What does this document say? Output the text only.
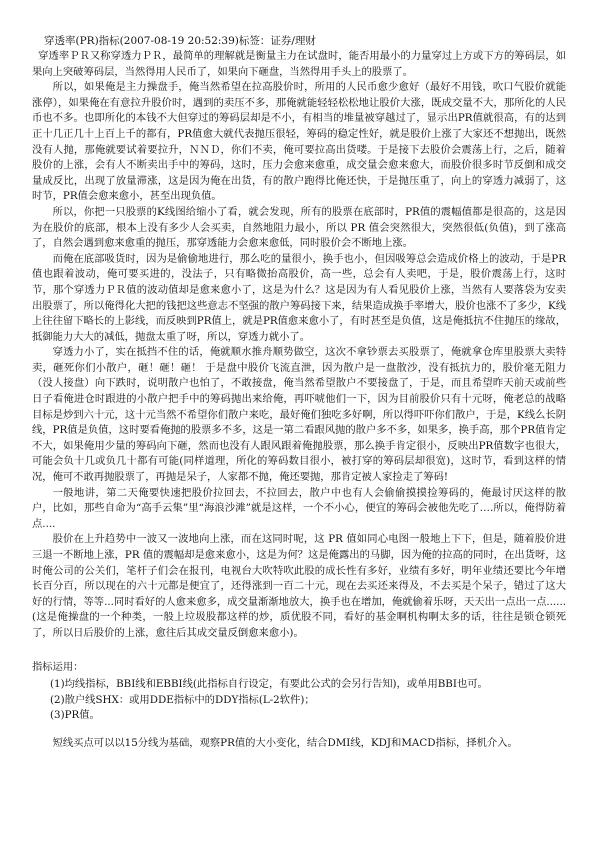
穿透率(PR)指标(2007-08-19 20:52:39)标签：证券/理财

穿透率ＰＲ又称穿透力ＰＲ，最简单的理解就是衡量主力在试盘时，能否用最小的力量穿过上方或下方的筹码层，如果向上突破筹码层，当然得用人民币了，如果向下砸盘，当然得用手头上的股票了。

所以，如果俺是主力操盘手，俺当然希望在拉高股价时，所用的人民币愈少愈好（最好不用钱，吹口气股价就能涨停），如果俺在有意拉升股价时，遇到的卖压不多，那俺就能轻轻松松地让股价大涨，既成交量不大，那所化的人民币也不多。也即所化的本钱不大但穿过的筹码层却是不小，有相当的堆量被穿越过了，显示出PR值就很高，有的达到正十几正几十上百上千的都有，PR值愈大就代表抛压很轻，筹码的稳定性好，就是股价上涨了大家还不想抛出，既然没有人抛，那俺就要试着要拉升，ＮＮＤ，你们不卖，俺可要拉高出货喽。于是接下去股价会震荡上行，之后，随着股价的上涨，会有人不断卖出手中的筹码，这时，压力会愈来愈重，成交量会愈来愈大，而股价很多时节反倒和成交量成反比，出现了放量滞涨，这是因为俺在出货，有的散户跑得比俺还快，于是抛压重了，向上的穿透力减弱了，这时节，PR值会愈来愈小，甚至出现负值。

所以，你把一只股票的K线图给缩小了看，就会发现，所有的股票在底部时，PR值的震幅值都是很高的，这是因为在股价的底部，根本上没有多少人会买卖，自然地阻力最小，所以 PR 值会突然很大，突然很低(负值)，到了涨高了，自然会遇到愈来愈重的抛压，那穿透能力会愈来愈低，同时股价会不断地上涨。

而俺在底部吸货时，因为是偷偷地进行，那么吃的量很小，换手也小，但因吸筹总会造成价格上的波动，于是PR值也跟着波动，俺可要买进的，没法子，只有略微抬高股价，高一些，总会有人卖吧，于是，股价震荡上行，这时节，那个穿透力ＰＲ值的波动值却是愈来愈小了，这是为什么？这是因为有人看见股价上涨，当然有人要落袋为安卖出股票了，所以俺得化大把的钱把这些意志不坚强的散户筹码接下来，结果造成换手率增大，股价也涨不了多少，K线上往往留下略长的上影线，而反映到PR值上，就是PR值愈来愈小了，有时甚至是负值，这是俺抵抗不住抛压的缘故，抵御能力大大的减低，抛盘太重了呀，所以，穿透力就小了。

穿透力小了，实在抵挡不住的话，俺就顺水推舟顺势做空，这次不拿钞票去买股票了，俺就拿仓库里股票大卖特卖，砸死你们小散户，砸！砸！砸！ 于是盘中股价飞流直泄，因为散户是一盘散沙，没有抵抗力的，股价毫无阻力（没人接盘）向下跌时，说明散户也怕了，不敢接盘，俺当然希望散户不要接盘了，于是，而且希望昨天前天或前些日子看俺进仓时跟进的小散户把手中的筹码抛出来给俺，再吓唬他们一下，因为目前股价只有十元呀，俺老总的战略目标是炒到六十元，这十元当然不希望你们散户来吃，最好俺们独吃多好啊，所以得吓吓你们散户，于是，K线么长阴线，PR值是负值，这时要看俺抛的股票多不多，这是一第二看跟风抛的散户多不多，如果多，换手高，那个PR值肯定不大，如果俺用少量的筹码向下砸，然而也没有人跟风跟着俺抛股票，那么换手肯定很小，反映出PR值数字也很大，可能会负十几或负几十都有可能(同样道理，所化的筹码数目很小，被打穿的筹码层却很宽)，这时节，看到这样的情况，俺可不敢再抛股票了，再抛是呆子，人家都不抛，俺还要抛，那肯定被人家捡走了筹码!

一般地讲，第二天俺要快速把股价拉回去，不拉回去，散户中也有人会偷偷摸摸捡筹码的，俺最讨厌这样的散户，比如，那些自命为“高手云集”里“海浪沙滩”就是这样，一个不小心，便宜的筹码会被他先吃了….所以，俺得防着点....

股价在上升趋势中一波又一波地向上涨，而在这同时呢，这 PR 值如同心电图一般地上下下，但是，随着股价进三退一不断地上涨，PR 值的震幅却是愈来愈小，这是为何？这是俺露出的马脚，因为俺的拉高的同时，在出货呀，这时俺公司的公关们，笔杆子们会在报刊，电视台大吹特吹此股的成长性有多好，业绩有多好，明年业绩还要比今年增长百分百，所以现在的六十元都是便宜了，还得涨到一百二十元，现在去买还来得及，不去买是个呆子，错过了这大好的行情，等等...同时看好的人愈来愈多，成交量渐渐地放大，换手也在增加，俺就偷着乐呀，天天出一点出一点......(这是俺操盘的一个种类，一般上垃圾股都这样的炒，质优股不同，看好的基金啊机构啊太多的话，往往是锁仓锁死了，所以日后股价的上涨，愈往后其成交量反倒愈来愈小)。

指标运用：
(1)均线指标，BBI线和EBBI线(此指标自行设定，有要此公式的会另行告知)，或单用BBI也可。
(2)散户线SHX：或用DDE指标中的DDY指标(L-2软件)；
(3)PR值。
短线买点可以以15分线为基础，观察PR值的大小变化，结合DMI线，KDJ和MACD指标，择机介入。
